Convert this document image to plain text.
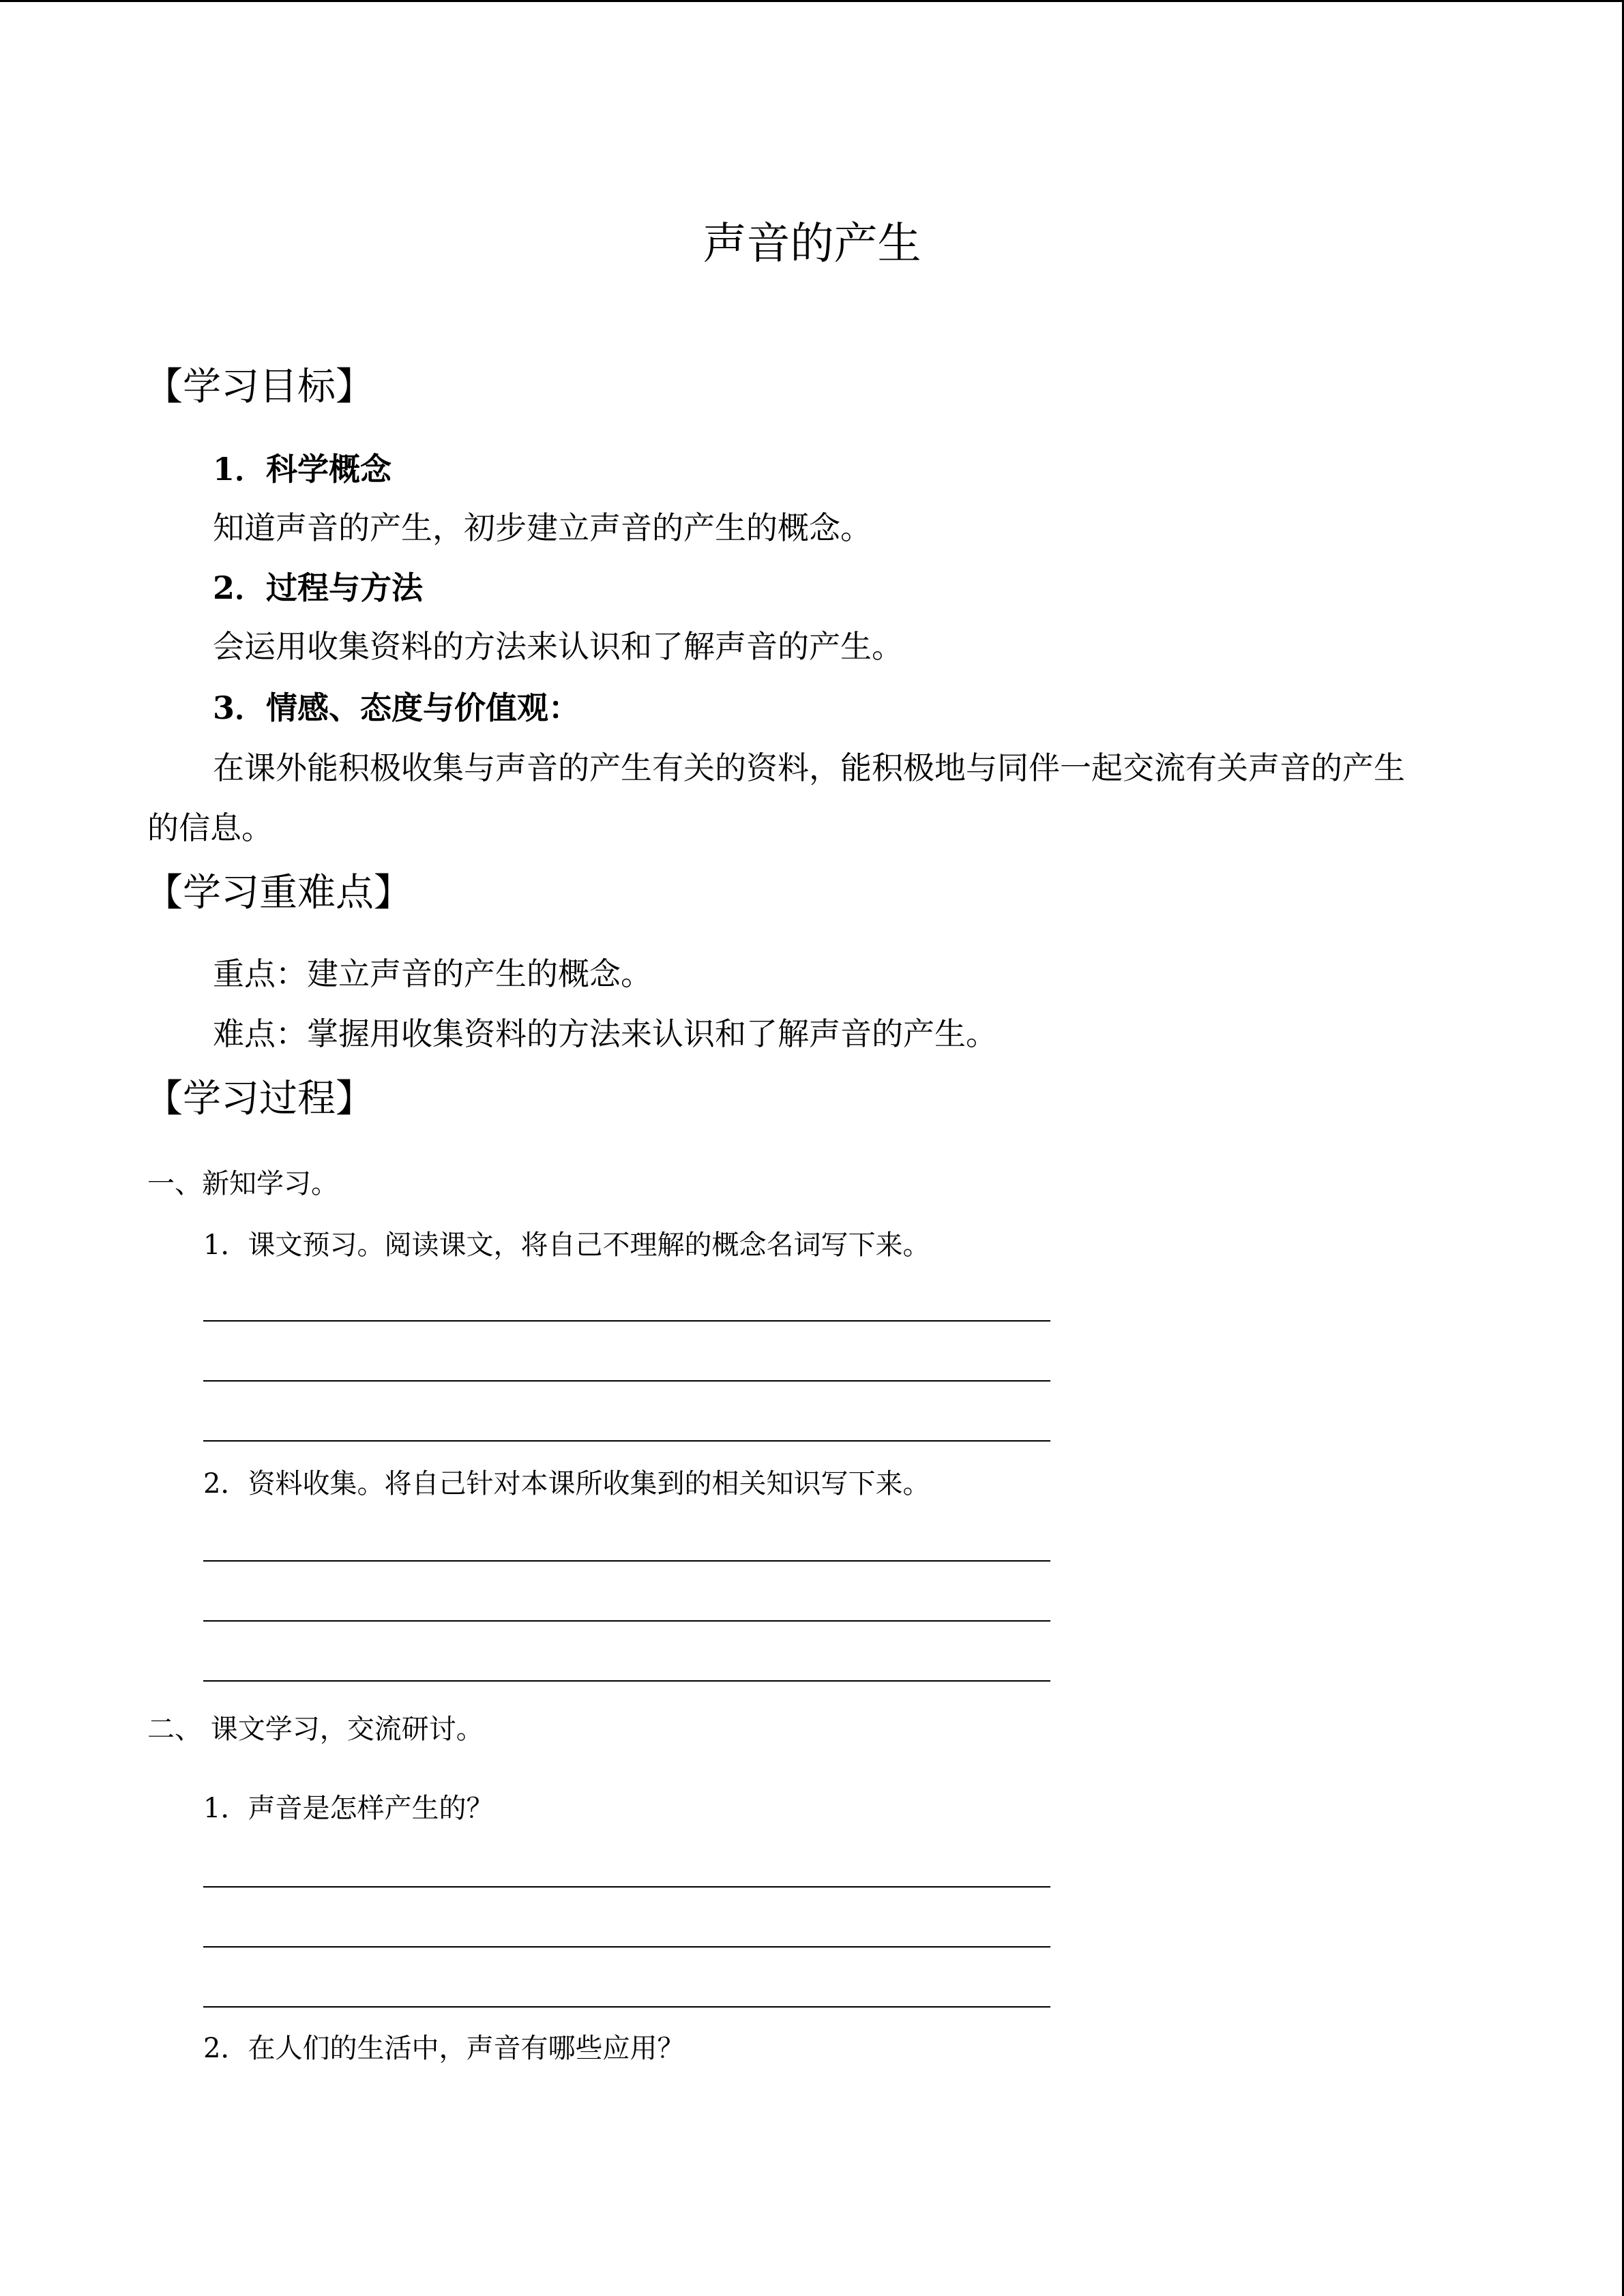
声音的产生
【学习目标】
1．科学概念
知道声音的产生，初步建立声音的产生的概念。
2．过程与方法
会运用收集资料的方法来认识和了解声音的产生。
3．情感、态度与价值观：
在课外能积极收集与声音的产生有关的资料，能积极地与同伴一起交流有关声音的产生
的信息。
【学习重难点】
重点：建立声音的产生的概念。
难点：掌握用收集资料的方法来认识和了解声音的产生。
【学习过程】
一、新知学习。
1．课文预习。阅读课文，将自己不理解的概念名词写下来。
2．资料收集。将自己针对本课所收集到的相关知识写下来。
二、 课文学习，交流研讨。
1．声音是怎样产生的？
2．在人们的生活中，声音有哪些应用？
